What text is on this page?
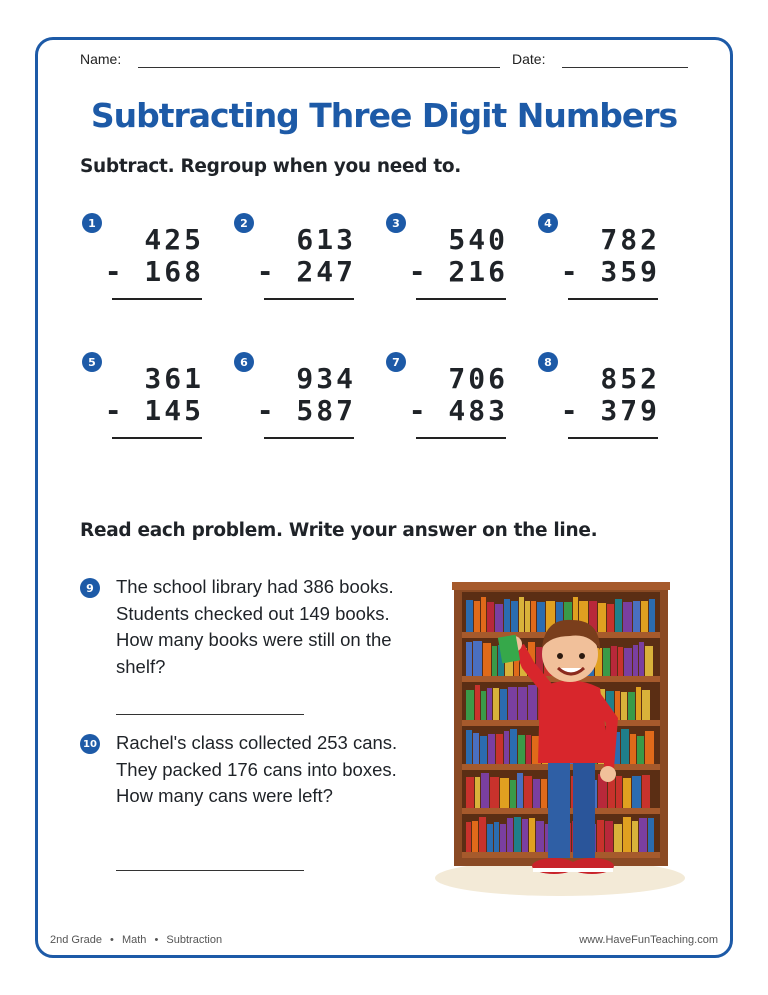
Name:	Date:
Subtracting Three Digit Numbers
Subtract. Regroup when you need to.
1 425
- 168
2 613
- 247
3 540
- 216
4 782
- 359
5 361
- 145
6 934
- 587
7 706
- 483
8 852
- 379
Read each problem. Write your answer on the line.
9	The school library had 386 books. Students checked out 149 books. How many books were still on the shelf?
10 Rachel's class collected 253 cans. They packed 176 cans into boxes. How many cans were left?
2nd Grade • Math • Subtraction	www.HaveFunTeaching.com
